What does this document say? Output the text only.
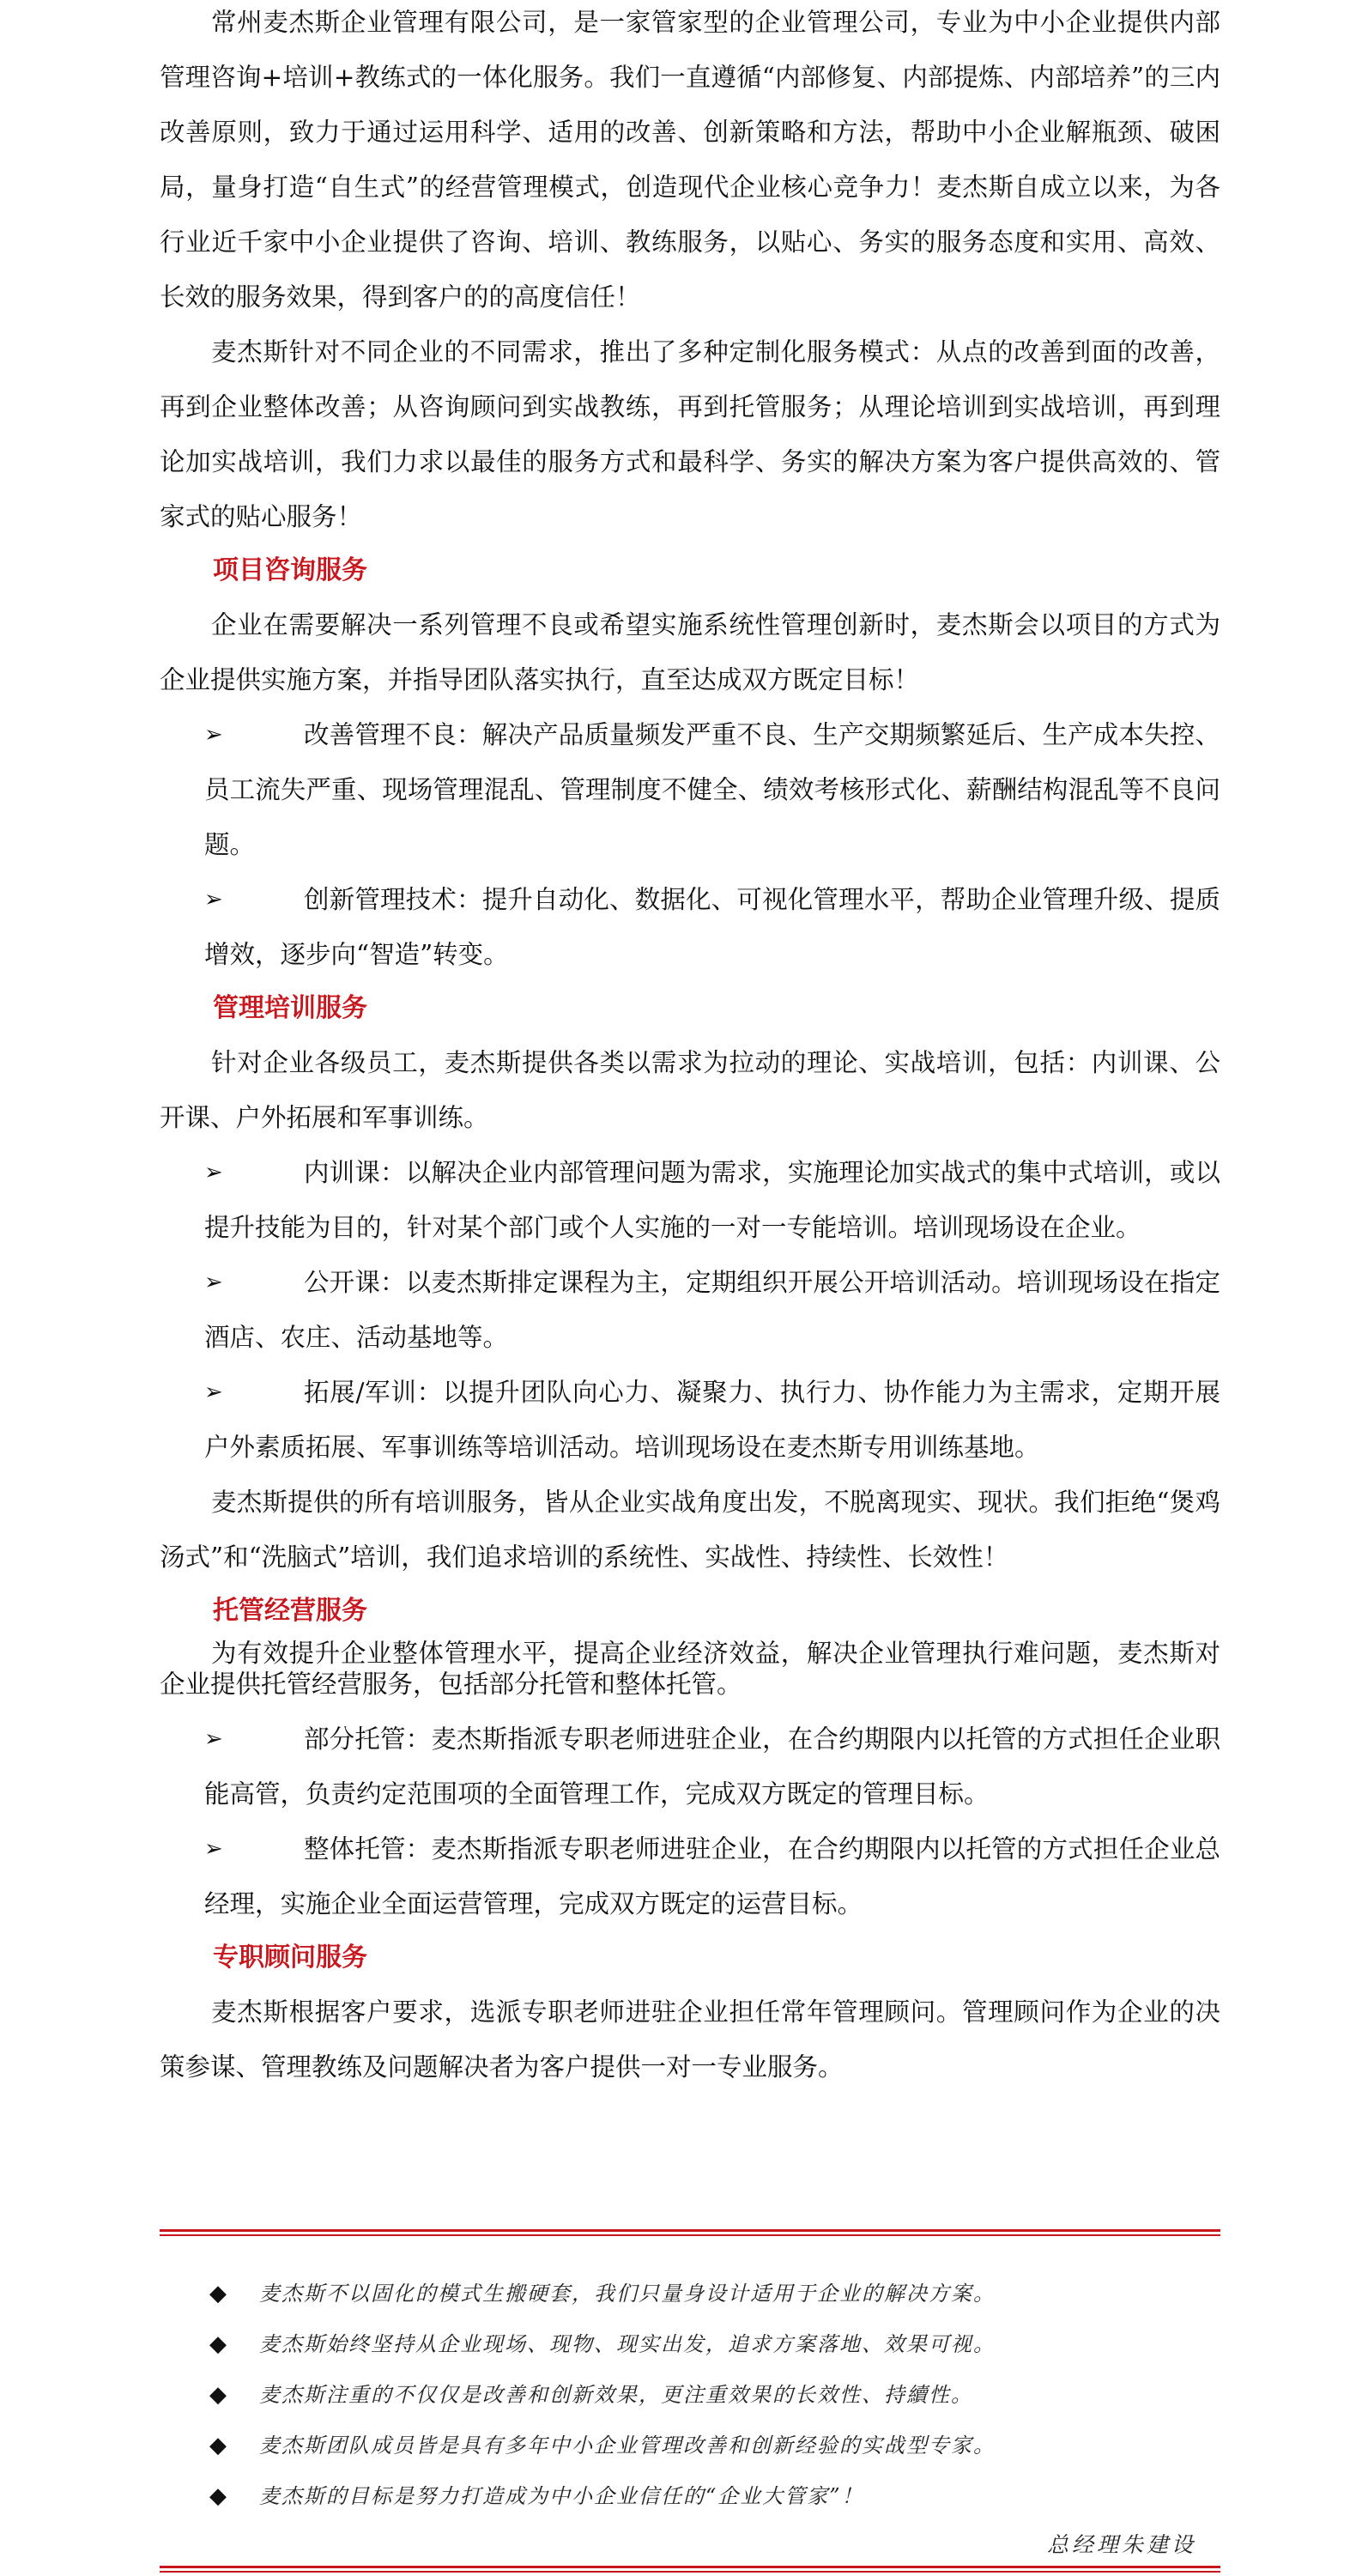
常州麦杰斯企业管理有限公司，是一家管家型的企业管理公司，专业为中小企业提供内部管理咨询+培训+教练式的一体化服务。我们一直遵循“内部修复、内部提炼、内部培养”的三内改善原则，致力于通过运用科学、适用的改善、创新策略和方法，帮助中小企业解瓶颈、破困局，量身打造“自生式”的经营管理模式，创造现代企业核心竞争力！麦杰斯自成立以来，为各行业近千家中小企业提供了咨询、培训、教练服务，以贴心、务实的服务态度和实用、高效、长效的服务效果，得到客户的的高度信任！

麦杰斯针对不同企业的不同需求，推出了多种定制化服务模式：从点的改善到面的改善，再到企业整体改善；从咨询顾问到实战教练，再到托管服务；从理论培训到实战培训，再到理论加实战培训，我们力求以最佳的服务方式和最科学、务实的解决方案为客户提供高效的、管家式的贴心服务！

项目咨询服务

企业在需要解决一系列管理不良或希望实施系统性管理创新时，麦杰斯会以项目的方式为企业提供实施方案，并指导团队落实执行，直至达成双方既定目标！

➢	改善管理不良：解决产品质量频发严重不良、生产交期频繁延后、生产成本失控、员工流失严重、现场管理混乱、管理制度不健全、绩效考核形式化、薪酬结构混乱等不良问题。
➢	创新管理技术：提升自动化、数据化、可视化管理水平，帮助企业管理升级、提质增效，逐步向“智造”转变。
管理培训服务

针对企业各级员工，麦杰斯提供各类以需求为拉动的理论、实战培训，包括：内训课、公开课、户外拓展和军事训练。

➢	内训课：以解决企业内部管理问题为需求，实施理论加实战式的集中式培训，或以提升技能为目的，针对某个部门或个人实施的一对一专能培训。培训现场设在企业。
➢	公开课：以麦杰斯排定课程为主，定期组织开展公开培训活动。培训现场设在指定酒店、农庄、活动基地等。
➢	拓展/军训：以提升团队向心力、凝聚力、执行力、协作能力为主需求，定期开展户外素质拓展、军事训练等培训活动。培训现场设在麦杰斯专用训练基地。

麦杰斯提供的所有培训服务，皆从企业实战角度出发，不脱离现实、现状。我们拒绝“煲鸡汤式”和“洗脑式”培训，我们追求培训的系统性、实战性、持续性、长效性！

托管经营服务

为有效提升企业整体管理水平，提高企业经济效益，解决企业管理执行难问题，麦杰斯对企业提供托管经营服务，包括部分托管和整体托管。

➢	部分托管：麦杰斯指派专职老师进驻企业，在合约期限内以托管的方式担任企业职能高管，负责约定范围项的全面管理工作，完成双方既定的管理目标。
➢	整体托管：麦杰斯指派专职老师进驻企业，在合约期限内以托管的方式担任企业总经理，实施企业全面运营管理，完成双方既定的运营目标。
专职顾问服务

麦杰斯根据客户要求，选派专职老师进驻企业担任常年管理顾问。管理顾问作为企业的决策参谋、管理教练及问题解决者为客户提供一对一专业服务。

◆ 麦杰斯不以固化的模式生搬硬套，我们只量身设计适用于企业的解决方案。
◆ 麦杰斯始终坚持从企业现场、现物、现实出发，追求方案落地、效果可视。
◆ 麦杰斯注重的不仅仅是改善和创新效果，更注重效果的长效性、持續性。
◆ 麦杰斯团队成员皆是具有多年中小企业管理改善和创新经验的实战型专家。
◆ 麦杰斯的目标是努力打造成为中小企业信任的“企业大管家”！
总经理朱建设
